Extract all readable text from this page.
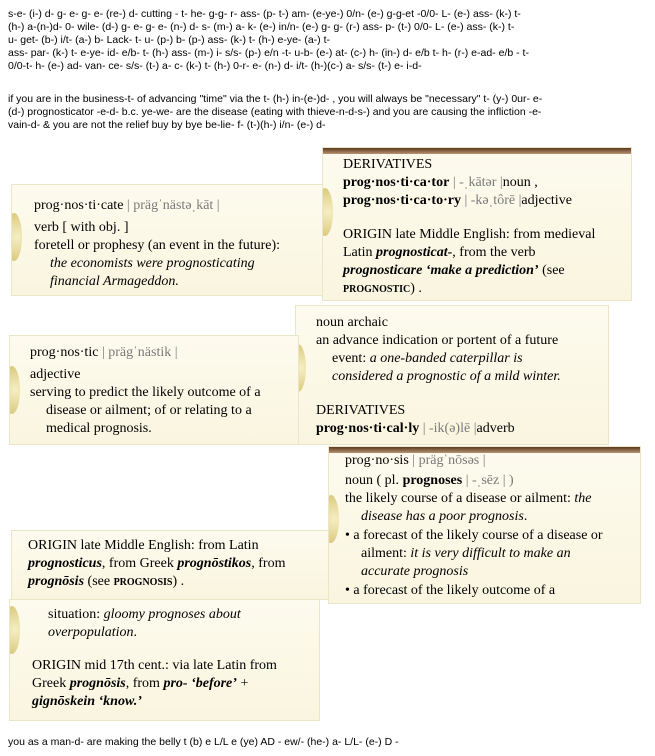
s-e- (i-) d- g- e- g- e- (re-) d- cutting - t- he- g-g- r- ass- (p- t-) am- (e-ye-) 0/n- (e-) g-g-et -0/0- L- (e-) ass- (k-) t-
(h-) a-(n-)d- 0- wile- (d-) g- e- g- e- (n-) d- s- (m-) a- k- (e-) in/n- (e-) g- g- (r-) ass- p- (t-) 0/0- L- (e-) ass- (k-) t-
u- get- (b-) i/t- (a-) b- Lack- t- u- (p-) b- (p-) ass- (k-) t- (h-) e-ye- (a-) t-
ass- par- (k-) t- e-ye- id- e/b- t- (h-) ass- (m-) i- s/s- (p-) e/n -t- u-b- (e-) at- (c-) h- (in-) d- e/b t- h- (r-) e-ad- e/b - t-
0/0-t- h- (e-) ad- van- ce- s/s- (t-) a- c- (k-) t- (h-) 0-r- e- (n-) d- i/t- (h-)(c-) a- s/s- (t-) e- i-d-
if you are in the business-t- of advancing "time" via the t- (h-) in-(e-)d- , you will always be "necessary" t- (y-) 0ur- e-
(d-) prognosticator -e-d- b.c. ye-we- are the disease (eating with thieve-n-d-s-) and you are causing the infliction -e-
vain-d- & you are not the relief buy by bye be-lie- f- (t-)(h-) i/n- (e-) d-
prog·nos·ti·cate | prägˈnästəˌkāt |
verb [ with obj. ]
foretell or prophesy (an event in the future):
the economists were prognosticating
financial Armageddon.
DERIVATIVES
prog·nos·ti·ca·tor | -ˌkātər |noun ,
prog·nos·ti·ca·to·ry | -kəˌtôrē |adjective
ORIGIN late Middle English: from medieval
Latin prognosticat-, from the verb
prognosticare ‘make a prediction’ (see
PROGNOSTIC) .
noun archaic
an advance indication or portent of a future
event: a one-banded caterpillar is
considered a prognostic of a mild winter.
DERIVATIVES
prog·nos·ti·cal·ly | -ik(ə)lē |adverb
prog·nos·tic | prägˈnästik |
adjective
serving to predict the likely outcome of a
disease or ailment; of or relating to a
medical prognosis.
prog·no·sis | prägˈnōsəs |
noun ( pl. prognoses | -ˌsēz | )
the likely course of a disease or ailment: the
disease has a poor prognosis.
• a forecast of the likely course of a disease or
ailment: it is very difficult to make an
accurate prognosis
• a forecast of the likely outcome of a
ORIGIN late Middle English: from Latin
prognosticus, from Greek prognōstikos, from
prognōsis (see PROGNOSIS) .
situation: gloomy prognoses about
overpopulation.
ORIGIN mid 17th cent.: via late Latin from
Greek prognōsis, from pro- ‘before’ +
gignōskein ‘know.’
you as a man-d- are making the belly t (b) e L/L e (ye) AD - ew/- (he-) a- L/L- (e-) D -
